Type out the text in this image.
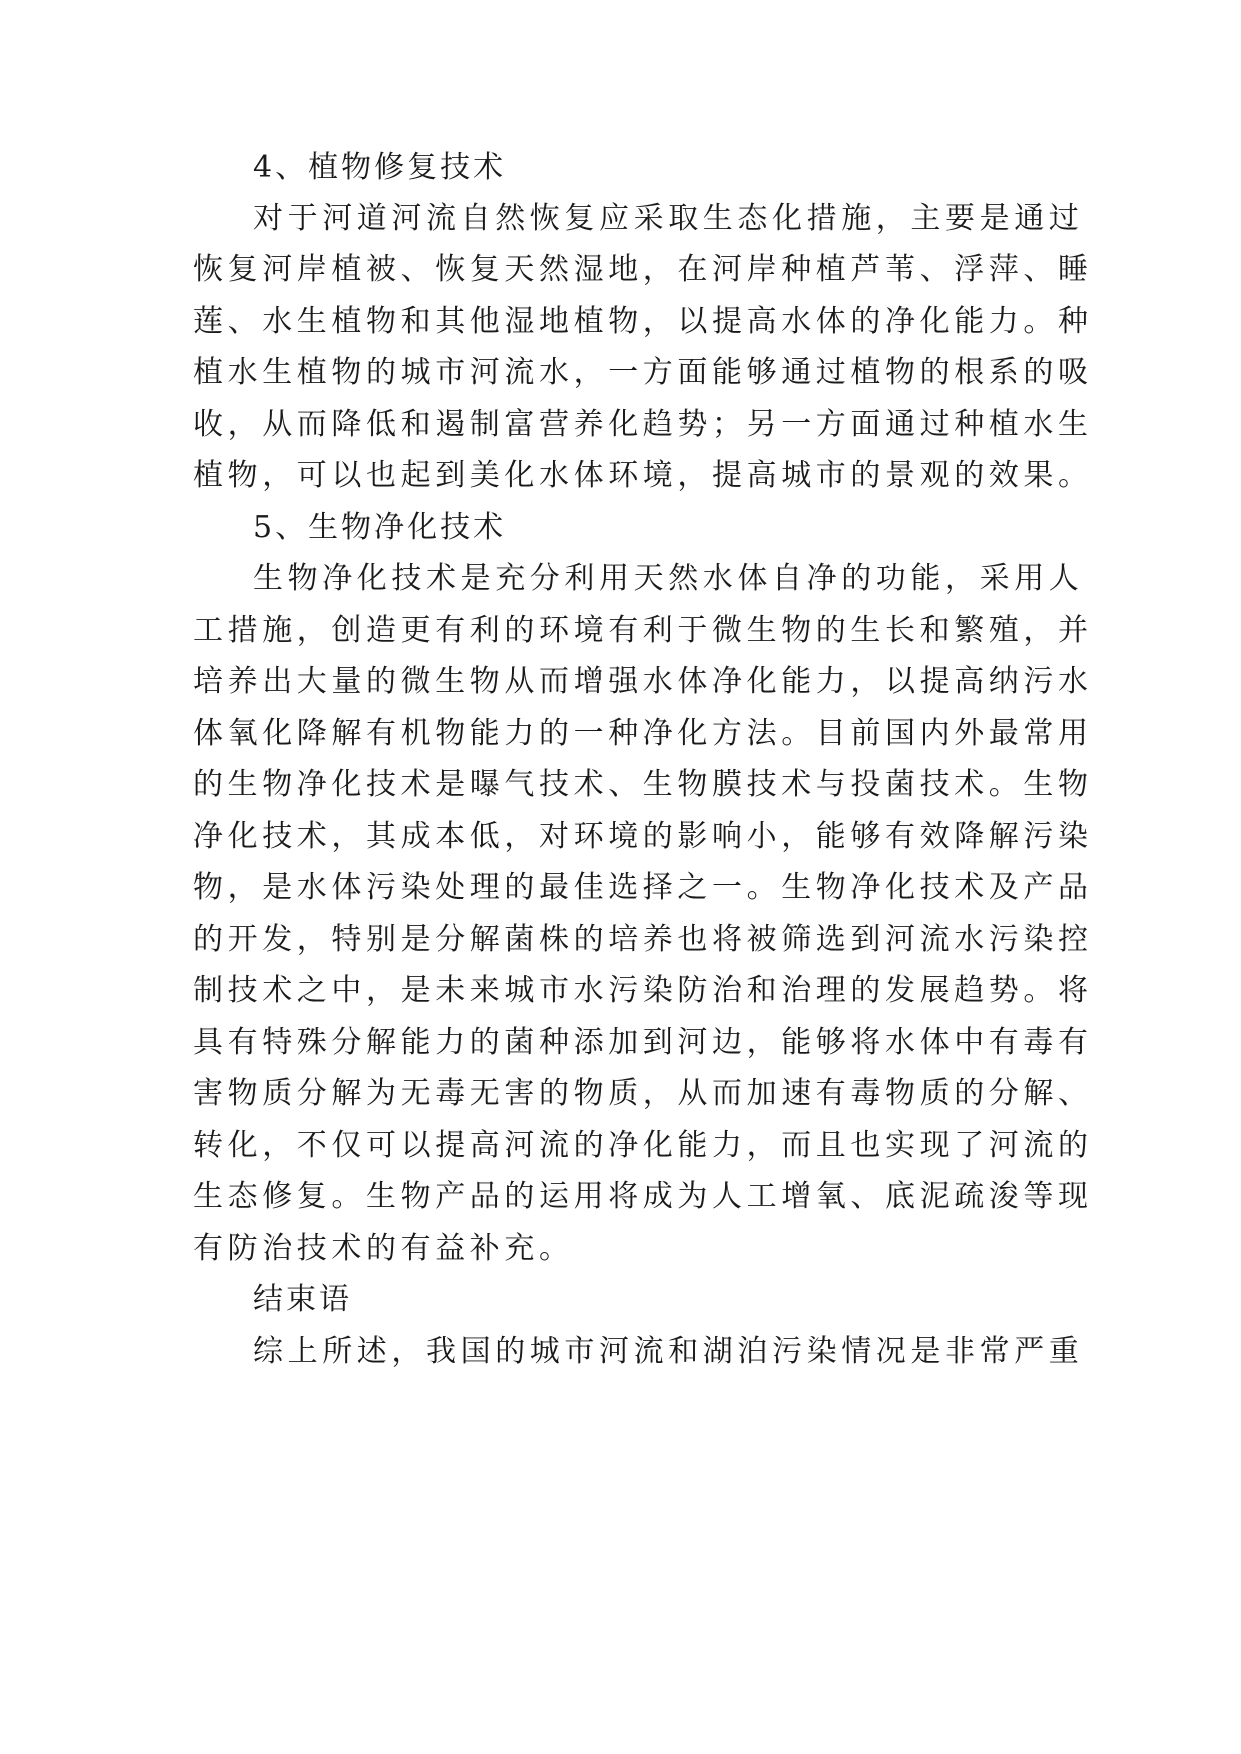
4、植物修复技术
对于河道河流自然恢复应采取生态化措施，主要是通过
恢复河岸植被、恢复天然湿地，在河岸种植芦苇、浮萍、睡
莲、水生植物和其他湿地植物，以提高水体的净化能力。种
植水生植物的城市河流水，一方面能够通过植物的根系的吸
收，从而降低和遏制富营养化趋势；另一方面通过种植水生
植物，可以也起到美化水体环境，提高城市的景观的效果。
5、生物净化技术
生物净化技术是充分利用天然水体自净的功能，采用人
工措施，创造更有利的环境有利于微生物的生长和繁殖，并
培养出大量的微生物从而增强水体净化能力，以提高纳污水
体氧化降解有机物能力的一种净化方法。目前国内外最常用
的生物净化技术是曝气技术、生物膜技术与投菌技术。生物
净化技术，其成本低，对环境的影响小，能够有效降解污染
物，是水体污染处理的最佳选择之一。生物净化技术及产品
的开发，特别是分解菌株的培养也将被筛选到河流水污染控
制技术之中，是未来城市水污染防治和治理的发展趋势。将
具有特殊分解能力的菌种添加到河边，能够将水体中有毒有
害物质分解为无毒无害的物质，从而加速有毒物质的分解、
转化，不仅可以提高河流的净化能力，而且也实现了河流的
生态修复。生物产品的运用将成为人工增氧、底泥疏浚等现
有防治技术的有益补充。
结束语
综上所述，我国的城市河流和湖泊污染情况是非常严重
